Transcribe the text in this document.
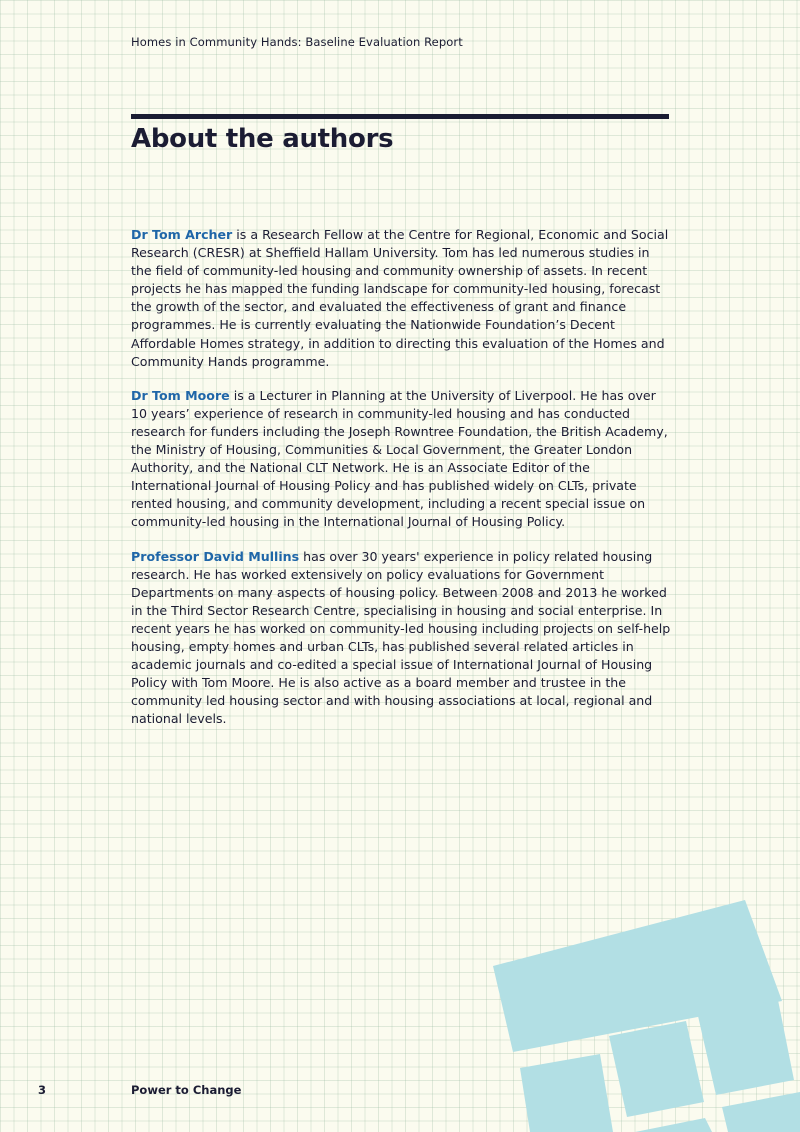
Homes in Community Hands: Baseline Evaluation Report
About the authors

Dr Tom Archer is a Research Fellow at the Centre for Regional, Economic and Social Research (CRESR) at Sheffield Hallam University. Tom has led numerous studies in the field of community-led housing and community ownership of assets. In recent projects he has mapped the funding landscape for community-led housing, forecast the growth of the sector, and evaluated the effectiveness of grant and finance programmes. He is currently evaluating the Nationwide Foundation’s Decent Affordable Homes strategy, in addition to directing this evaluation of the Homes and Community Hands programme.

Dr Tom Moore is a Lecturer in Planning at the University of Liverpool. He has over 10 years’ experience of research in community-led housing and has conducted research for funders including the Joseph Rowntree Foundation, the British Academy, the Ministry of Housing, Communities & Local Government, the Greater London Authority, and the National CLT Network. He is an Associate Editor of the International Journal of Housing Policy and has published widely on CLTs, private rented housing, and community development, including a recent special issue on community-led housing in the International Journal of Housing Policy.

Professor David Mullins has over 30 years' experience in policy related housing research. He has worked extensively on policy evaluations for Government Departments on many aspects of housing policy. Between 2008 and 2013 he worked in the Third Sector Research Centre, specialising in housing and social enterprise. In recent years he has worked on community-led housing including projects on self-help housing, empty homes and urban CLTs, has published several related articles in academic journals and co-edited a special issue of International Journal of Housing Policy with Tom Moore. He is also active as a board member and trustee in the community led housing sector and with housing associations at local, regional and national levels.

3	Power to Change
